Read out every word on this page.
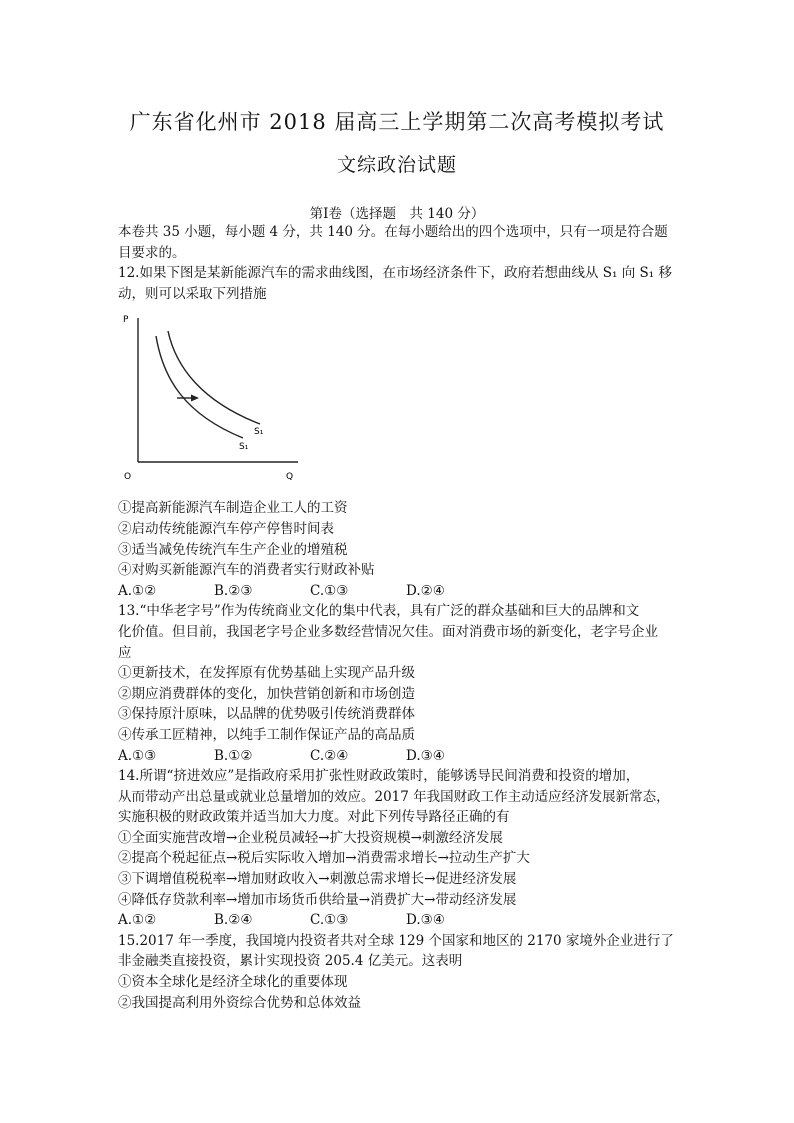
广东省化州市 2018 届高三上学期第二次高考模拟考试
文综政治试题
第Ⅰ卷（选择题　共 140 分）
本卷共 35 小题，每小题 4 分，共 140 分。在每小题给出的四个选项中，只有一项是符合题
目要求的。
12.如果下图是某新能源汽车的需求曲线图，在市场经济条件下，政府若想曲线从 S₁ 向 S₁ 移
动，则可以采取下列措施
P
O	Q
S₁
S₁
①提高新能源汽车制造企业工人的工资
②启动传统能源汽车停产停售时间表
③适当减免传统汽车生产企业的增殖税
④对购买新能源汽车的消费者实行财政补贴
A.①②	B.②③	C.①③	D.②④
13.“中华老字号”作为传统商业文化的集中代表，具有广泛的群众基础和巨大的品牌和文
化价值。但目前，我国老字号企业多数经营情况欠佳。面对消费市场的新变化，老字号企业
应
①更新技术，在发挥原有优势基础上实现产品升级
②期应消费群体的变化，加快营销创新和市场创造
③保持原汁原味，以品牌的优势吸引传统消费群体
④传承工匠精神，以纯手工制作保证产品的高品质
A.①③	B.①②	C.②④	D.③④
14.所谓“挤进效应”是指政府采用扩张性财政政策时，能够诱导民间消费和投资的增加，
从而带动产出总量或就业总量增加的效应。2017 年我国财政工作主动适应经济发展新常态，
实施积极的财政政策并适当加大力度。对此下列传导路径正确的有
①全面实施营改增→企业税员减轻→扩大投资规模→刺激经济发展
②提高个税起征点→税后实际收入增加→消费需求增长→拉动生产扩大
③下调增值税税率→增加财政收入→刺激总需求增长→促进经济发展
④降低存贷款利率→增加市场货币供给量→消费扩大→带动经济发展
A.①②	B.②④	C.①③	D.③④
15.2017 年一季度，我国境内投资者共对全球 129 个国家和地区的 2170 家境外企业进行了
非金融类直接投资，累计实现投资 205.4 亿美元。这表明
①资本全球化是经济全球化的重要体现
②我国提高利用外资综合优势和总体效益
